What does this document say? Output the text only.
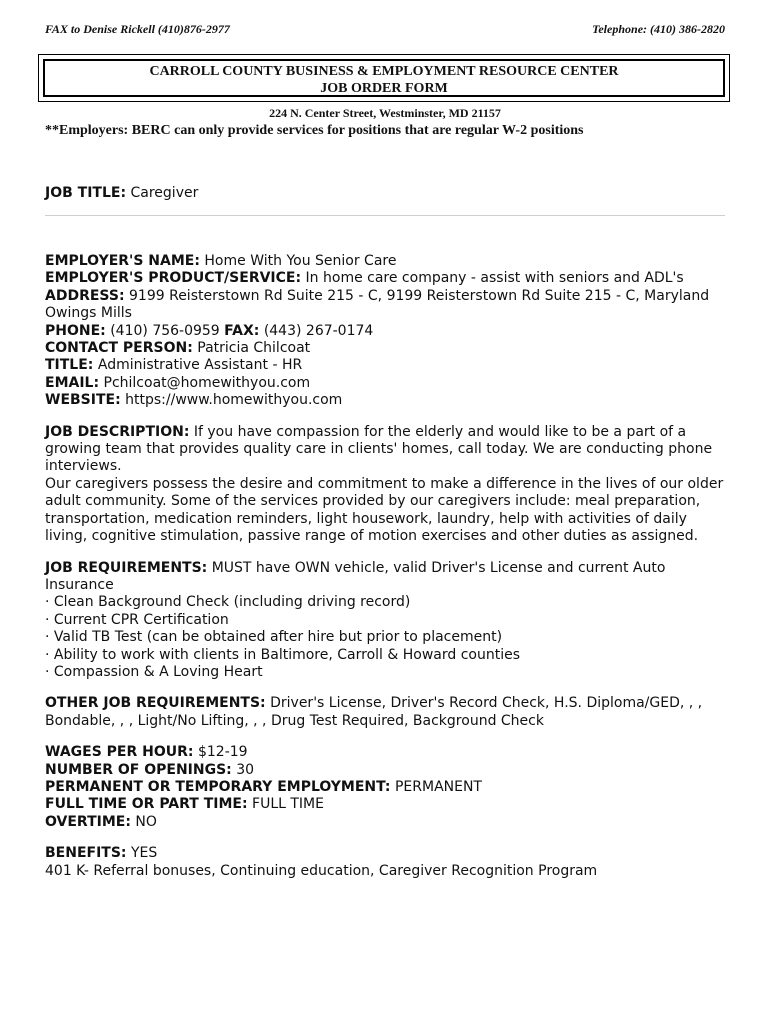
FAX to Denise Rickell (410)876-2977	Telephone: (410) 386-2820
CARROLL COUNTY BUSINESS & EMPLOYMENT RESOURCE CENTER
JOB ORDER FORM
224 N. Center Street, Westminster, MD 21157
**Employers: BERC can only provide services for positions that are regular W-2 positions
JOB TITLE: Caregiver
EMPLOYER'S NAME: Home With You Senior Care
EMPLOYER'S PRODUCT/SERVICE: In home care company - assist with seniors and ADL's
ADDRESS: 9199 Reisterstown Rd Suite 215 - C, 9199 Reisterstown Rd Suite 215 - C, Maryland Owings Mills
PHONE: (410) 756-0959 FAX: (443) 267-0174
CONTACT PERSON: Patricia Chilcoat
TITLE: Administrative Assistant - HR
EMAIL: Pchilcoat@homewithyou.com
WEBSITE: https://www.homewithyou.com
JOB DESCRIPTION: If you have compassion for the elderly and would like to be a part of a growing team that provides quality care in clients' homes, call today. We are conducting phone interviews.
Our caregivers possess the desire and commitment to make a difference in the lives of our older adult community. Some of the services provided by our caregivers include: meal preparation, transportation, medication reminders, light housework, laundry, help with activities of daily living, cognitive stimulation, passive range of motion exercises and other duties as assigned.
JOB REQUIREMENTS: MUST have OWN vehicle, valid Driver's License and current Auto Insurance
· Clean Background Check (including driving record)
· Current CPR Certification
· Valid TB Test (can be obtained after hire but prior to placement)
· Ability to work with clients in Baltimore, Carroll & Howard counties
· Compassion & A Loving Heart
OTHER JOB REQUIREMENTS: Driver's License, Driver's Record Check, H.S. Diploma/GED, , , Bondable, , , Light/No Lifting, , , Drug Test Required, Background Check
WAGES PER HOUR: $12-19
NUMBER OF OPENINGS: 30
PERMANENT OR TEMPORARY EMPLOYMENT: PERMANENT
FULL TIME OR PART TIME: FULL TIME
OVERTIME: NO
BENEFITS: YES
401 K- Referral bonuses, Continuing education, Caregiver Recognition Program
